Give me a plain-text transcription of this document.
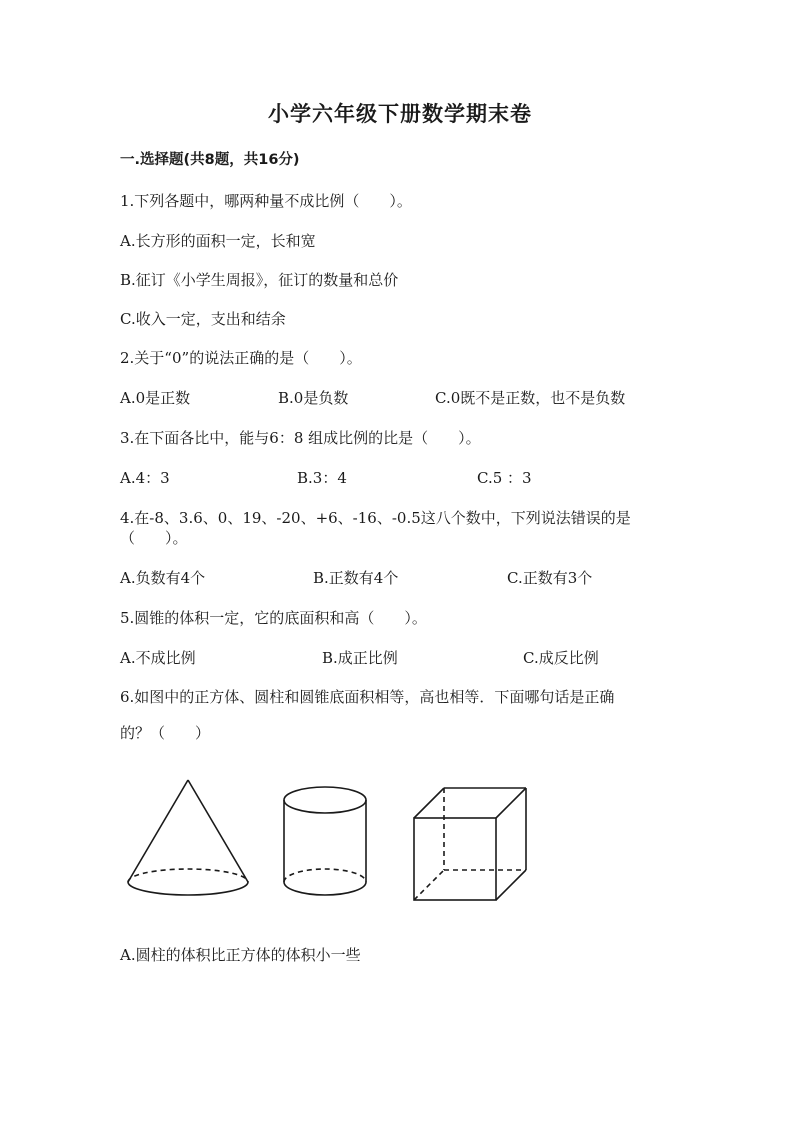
小学六年级下册数学期末卷
一.选择题(共8题，共16分)
1.下列各题中，哪两种量不成比例（　　）。
A.长方形的面积一定，长和宽
B.征订《小学生周报》，征订的数量和总价
C.收入一定，支出和结余
2.关于“0”的说法正确的是（　　）。
A.0是正数	B.0是负数	C.0既不是正数，也不是负数
3.在下面各比中，能与6：8 组成比例的比是（　　）。
A.4：3	B.3：4	C.5 ：3
4.在-8、3.6、0、19、-20、+6、-16、-0.5这八个数中，下列说法错误的是
（　　）。
A.负数有4个	B.正数有4个	C.正数有3个
5.圆锥的体积一定，它的底面积和高（　　）。
A.不成比例	B.成正比例	C.成反比例
6.如图中的正方体、圆柱和圆锥底面积相等，高也相等．下面哪句话是正确
的？（　　）
A.圆柱的体积比正方体的体积小一些
